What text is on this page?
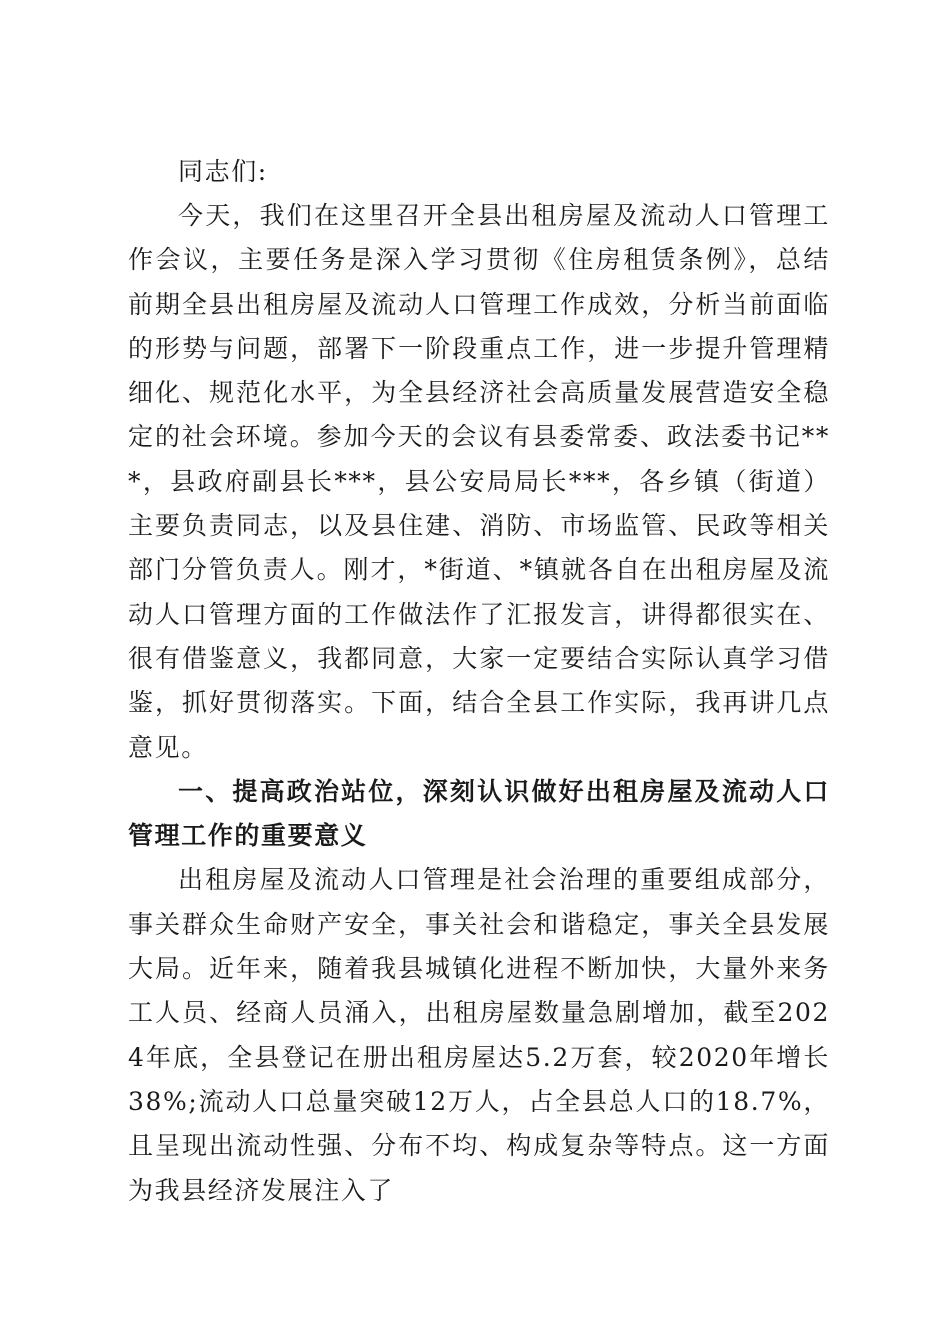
同志们:

今天，我们在这里召开全县出租房屋及流动人口管理工作会议，主要任务是深入学习贯彻《住房租赁条例》，总结前期全县出租房屋及流动人口管理工作成效，分析当前面临的形势与问题，部署下一阶段重点工作，进一步提升管理精细化、规范化水平，为全县经济社会高质量发展营造安全稳定的社会环境。参加今天的会议有县委常委、政法委书记***，县政府副县长***，县公安局局长***，各乡镇（街道）主要负责同志，以及县住建、消防、市场监管、民政等相关部门分管负责人。刚才，*街道、*镇就各自在出租房屋及流动人口管理方面的工作做法作了汇报发言，讲得都很实在、很有借鉴意义，我都同意，大家一定要结合实际认真学习借鉴，抓好贯彻落实。下面，结合全县工作实际，我再讲几点意见。

一、提高政治站位，深刻认识做好出租房屋及流动人口管理工作的重要意义

出租房屋及流动人口管理是社会治理的重要组成部分，事关群众生命财产安全，事关社会和谐稳定，事关全县发展大局。近年来，随着我县城镇化进程不断加快，大量外来务工人员、经商人员涌入，出租房屋数量急剧增加，截至2024年底，全县登记在册出租房屋达5.2万套，较2020年增长38%;流动人口总量突破12万人，占全县总人口的18.7%，且呈现出流动性强、分布不均、构成复杂等特点。这一方面为我县经济发展注入了
